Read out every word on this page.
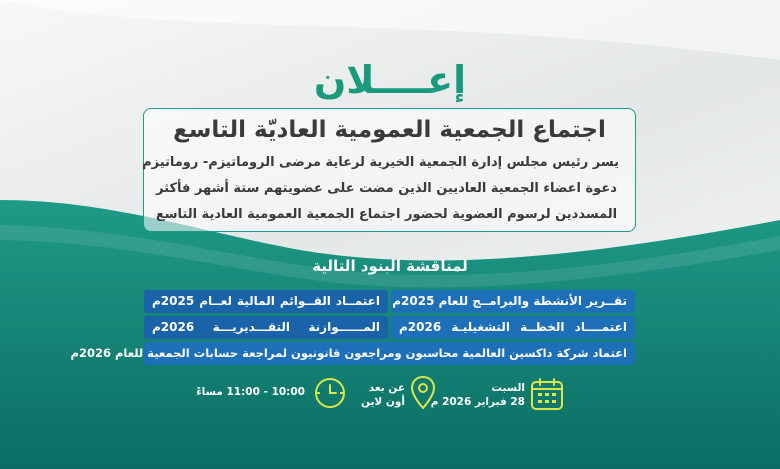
إعــــلان
اجتماع الجمعية العمومية العاديّة التاسع
يسر رئيس مجلس إدارة الجمعية الخيرية لرعاية مرضى الروماتيزم- روماتيزم
دعوة اعضاء الجمعية العاديين الذين مضت على عضويتهم ستة أشهر فأكثر
المسددين لرسوم العضوية لحضور اجتماع الجمعية العمومية العادية التاسع
لمناقشة البنود التالية
تقــرير الأنشطة والبرامــج للعام 2025م
اعتمــاد القــوائم المالية لعــام 2025م
اعتمــــاد الخطــة التشغيليـة 2026م
المــــــوازنة التقـــديريـــة 2026م
اعتماد شركة داكسين العالمية محاسبون ومراجعون قانونيون لمراجعة حسابات الجمعية للعام 2026م
السبت
28 فبراير 2026 م
عن بعد
أون لاين
10:00 - 11:00 مساءً
